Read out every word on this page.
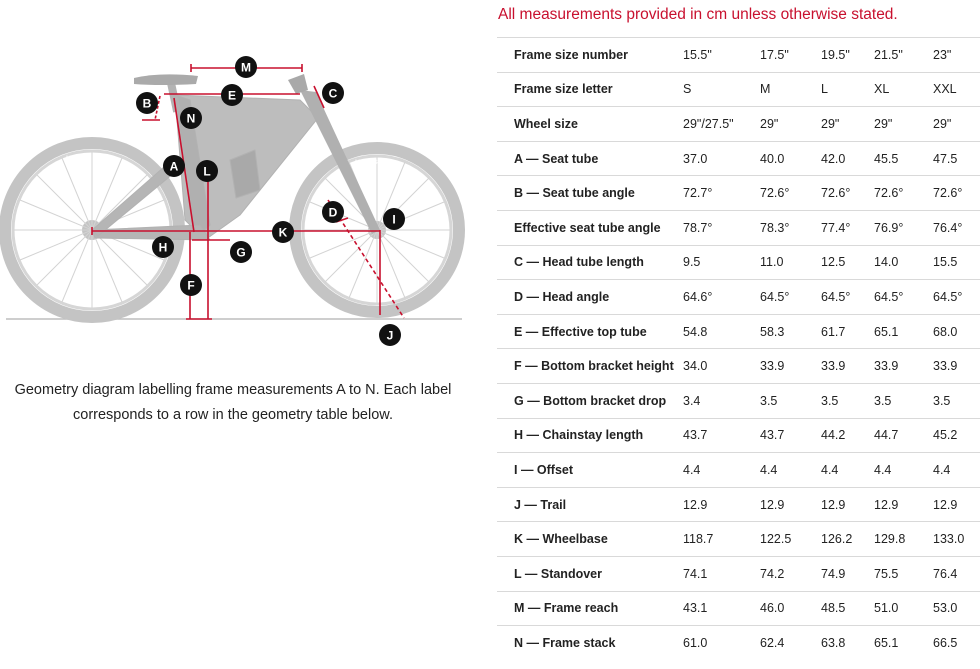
MAXXIS
MAXXIS
M
E	C
B
N
A L
D	I
K
H	G
F
J
Geometry diagram labelling frame measurements A to N. Each label corresponds to a row in the geometry table below.
All measurements provided in cm unless otherwise stated.
Frame size number	15.5"	17.5"	19.5"	21.5"	23"
Frame size letter	S	M	L	XL	XXL
Wheel size	29"/27.5"	29"	29"	29"	29"
A — Seat tube	37.0	40.0	42.0	45.5	47.5
B — Seat tube angle	72.7°	72.6°	72.6°	72.6°	72.6°
Effective seat tube angle	78.7°	78.3°	77.4°	76.9°	76.4°
C — Head tube length	9.5	11.0	12.5	14.0	15.5
D — Head angle	64.6°	64.5°	64.5°	64.5°	64.5°
E — Effective top tube	54.8	58.3	61.7	65.1	68.0
F — Bottom bracket height	34.0	33.9	33.9	33.9	33.9
G — Bottom bracket drop	3.4	3.5	3.5	3.5	3.5
H — Chainstay length	43.7	43.7	44.2	44.7	45.2
I — Offset	4.4	4.4	4.4	4.4	4.4
J — Trail	12.9	12.9	12.9	12.9	12.9
K — Wheelbase	118.7	122.5	126.2	129.8	133.0
L — Standover	74.1	74.2	74.9	75.5	76.4
M — Frame reach	43.1	46.0	48.5	51.0	53.0
N — Frame stack	61.0	62.4	63.8	65.1	66.5
